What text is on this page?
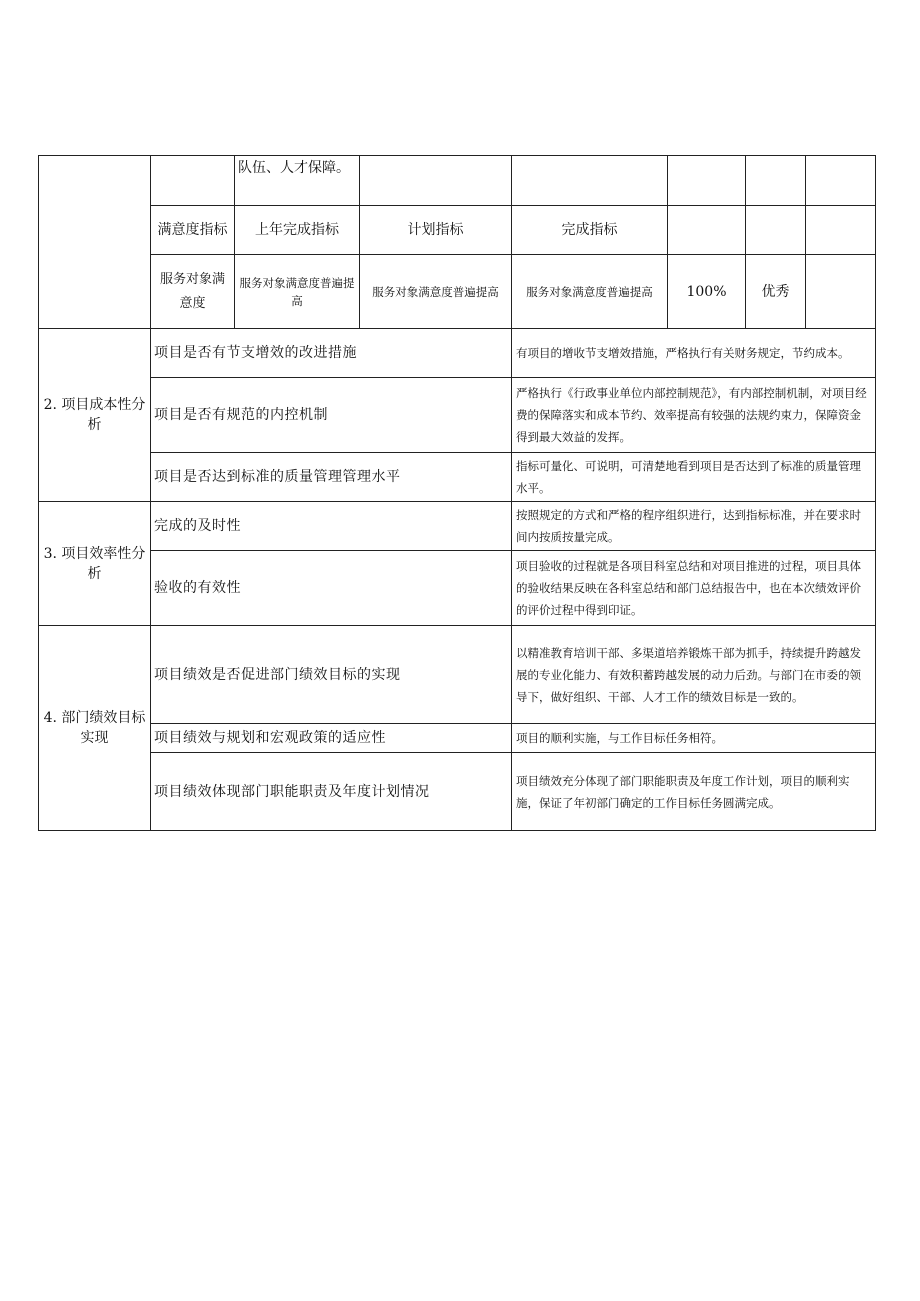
		队伍、人才保障。					
	满意度指标	上年完成指标	计划指标	完成指标			
	服务对象满意度	服务对象满意度普遍提高	服务对象满意度普遍提高	服务对象满意度普遍提高	100%	优秀	
2. 项目成本性分析	项目是否有节支增效的改进措施			有项目的增收节支增效措施，严格执行有关财务规定，节约成本。			
	项目是否有规范的内控机制			严格执行《行政事业单位内部控制规范》，有内部控制机制，对项目经费的保障落实和成本节约、效率提高有较强的法规约束力，保障资金得到最大效益的发挥。			
	项目是否达到标准的质量管理管理水平			指标可量化、可说明，可清楚地看到项目是否达到了标准的质量管理水平。			
3. 项目效率性分析	完成的及时性			按照规定的方式和严格的程序组织进行，达到指标标准，并在要求时间内按质按量完成。			
	验收的有效性			项目验收的过程就是各项目科室总结和对项目推进的过程，项目具体的验收结果反映在各科室总结和部门总结报告中，也在本次绩效评价的评价过程中得到印证。			
4. 部门绩效目标实现	项目绩效是否促进部门绩效目标的实现			以精准教育培训干部、多渠道培养锻炼干部为抓手，持续提升跨越发展的专业化能力、有效积蓄跨越发展的动力后劲。与部门在市委的领导下，做好组织、干部、人才工作的绩效目标是一致的。			
	项目绩效与规划和宏观政策的适应性			项目的顺利实施，与工作目标任务相符。			
	项目绩效体现部门职能职责及年度计划情况			项目绩效充分体现了部门职能职责及年度工作计划，项目的顺利实施，保证了年初部门确定的工作目标任务圆满完成。			
